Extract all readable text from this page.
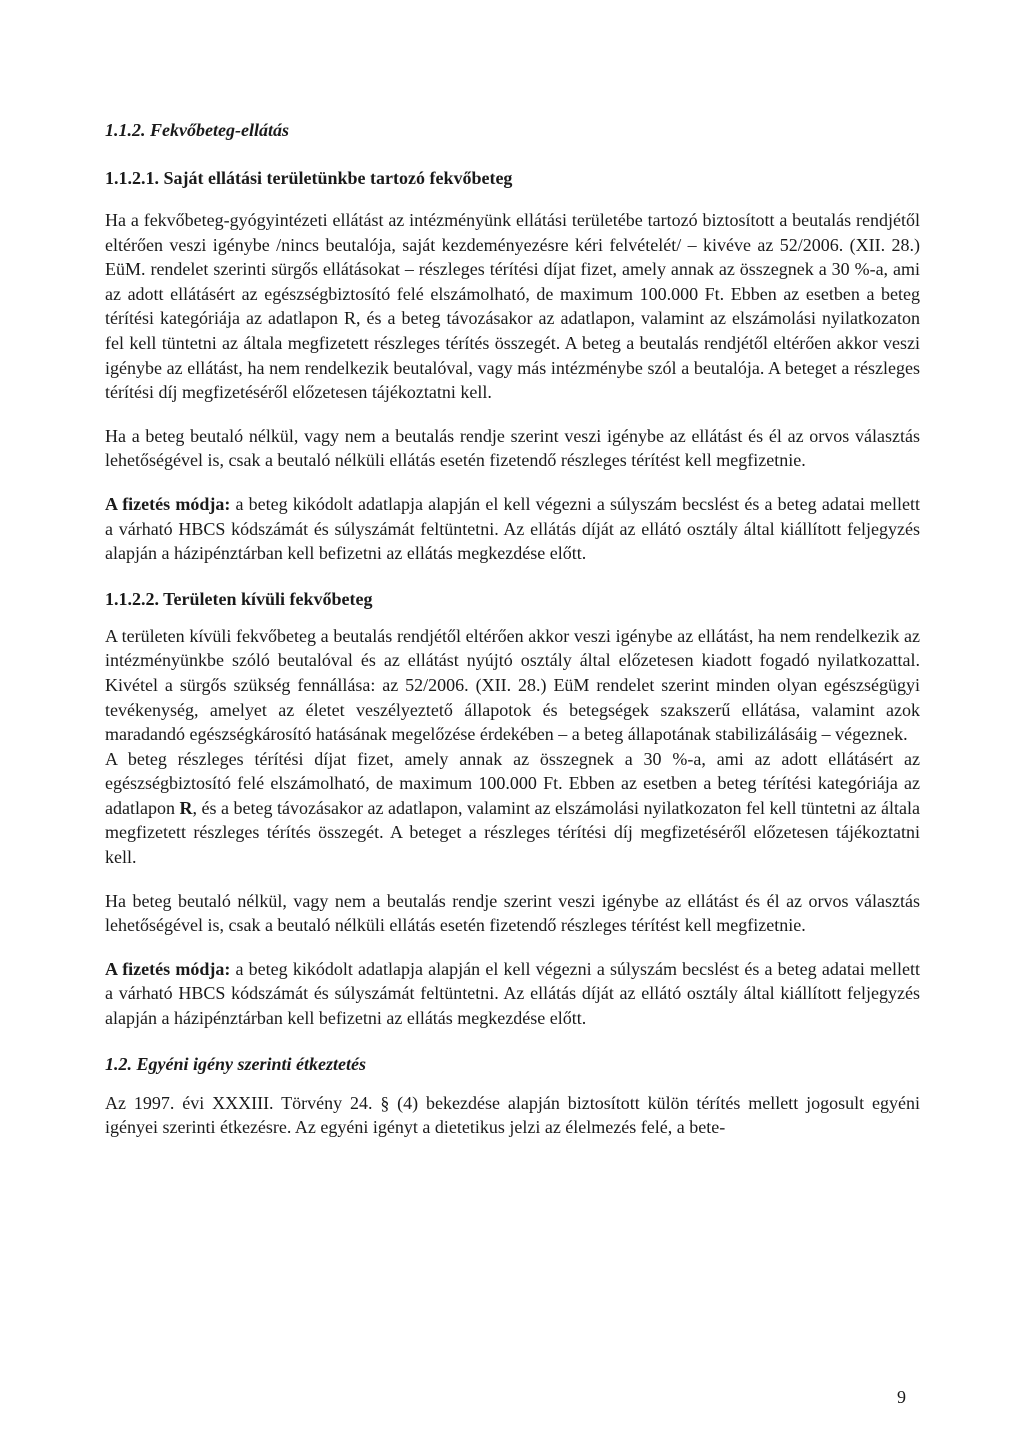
1.1.2. Fekvőbeteg-ellátás
1.1.2.1. Saját ellátási területünkbe tartozó fekvőbeteg

Ha a fekvőbeteg-gyógyintézeti ellátást az intézményünk ellátási területébe tartozó biztosított a beutalás rendjétől eltérően veszi igénybe /nincs beutalója, saját kezdeményezésre kéri felvételét/ – kivéve az 52/2006. (XII. 28.) EüM. rendelet szerinti sürgős ellátásokat – részleges térítési díjat fizet, amely annak az összegnek a 30 %-a, ami az adott ellátásért az egészségbiztosító felé elszámolható, de maximum 100.000 Ft. Ebben az esetben a beteg térítési kategóriája az adatlapon R, és a beteg távozásakor az adatlapon, valamint az elszámolási nyilatkozaton fel kell tüntetni az általa megfizetett részleges térítés összegét. A beteg a beutalás rendjétől eltérően akkor veszi igénybe az ellátást, ha nem rendelkezik beutalóval, vagy más intézménybe szól a beutalója. A beteget a részleges térítési díj megfizetéséről előzetesen tájékoztatni kell.

Ha a beteg beutaló nélkül, vagy nem a beutalás rendje szerint veszi igénybe az ellátást és él az orvos választás lehetőségével is, csak a beutaló nélküli ellátás esetén fizetendő részleges térítést kell megfizetnie.

A fizetés módja: a beteg kikódolt adatlapja alapján el kell végezni a súlyszám becslést és a beteg adatai mellett a várható HBCS kódszámát és súlyszámát feltüntetni. Az ellátás díját az ellátó osztály által kiállított feljegyzés alapján a házipénztárban kell befizetni az ellátás megkezdése előtt.

1.1.2.2. Területen kívüli fekvőbeteg

A területen kívüli fekvőbeteg a beutalás rendjétől eltérően akkor veszi igénybe az ellátást, ha nem rendelkezik az intézményünkbe szóló beutalóval és az ellátást nyújtó osztály által előzetesen kiadott fogadó nyilatkozattal. Kivétel a sürgős szükség fennállása: az 52/2006. (XII. 28.) EüM rendelet szerint minden olyan egészségügyi tevékenység, amelyet az életet veszélyeztető állapotok és betegségek szakszerű ellátása, valamint azok maradandó egészségkárosító hatásának megelőzése érdekében – a beteg állapotának stabilizálásáig – végeznek.

A beteg részleges térítési díjat fizet, amely annak az összegnek a 30 %-a, ami az adott ellátásért az egészségbiztosító felé elszámolható, de maximum 100.000 Ft. Ebben az esetben a beteg térítési kategóriája az adatlapon R, és a beteg távozásakor az adatlapon, valamint az elszámolási nyilatkozaton fel kell tüntetni az általa megfizetett részleges térítés összegét. A beteget a részleges térítési díj megfizetéséről előzetesen tájékoztatni kell.

Ha beteg beutaló nélkül, vagy nem a beutalás rendje szerint veszi igénybe az ellátást és él az orvos választás lehetőségével is, csak a beutaló nélküli ellátás esetén fizetendő részleges térítést kell megfizetnie.

A fizetés módja: a beteg kikódolt adatlapja alapján el kell végezni a súlyszám becslést és a beteg adatai mellett a várható HBCS kódszámát és súlyszámát feltüntetni. Az ellátás díját az ellátó osztály által kiállított feljegyzés alapján a házipénztárban kell befizetni az ellátás megkezdése előtt.

1.2. Egyéni igény szerinti étkeztetés

Az 1997. évi XXXIII. Törvény 24. § (4) bekezdése alapján biztosított külön térítés mellett jogosult egyéni igényei szerinti étkezésre. Az egyéni igényt a dietetikus jelzi az élelmezés felé, a bete-

9
